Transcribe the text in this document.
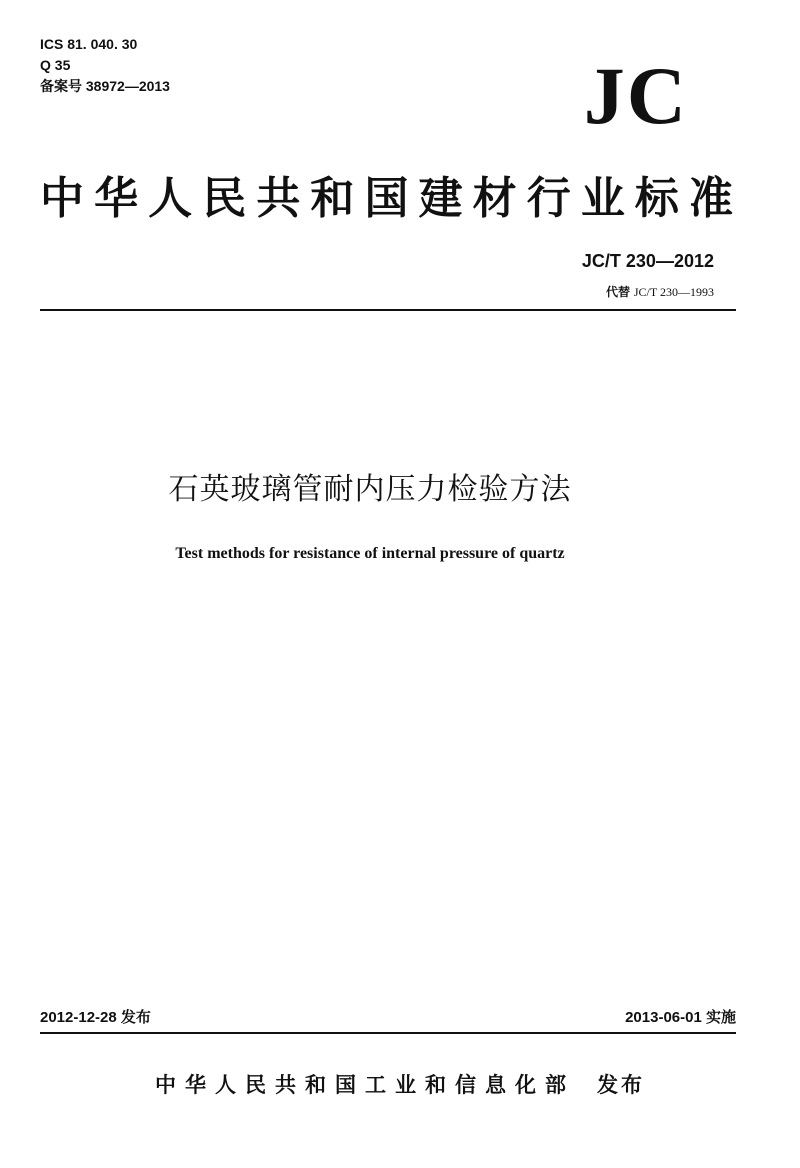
ICS 81. 040. 30
Q 35
备案号 38972—2013	JC
中华人民共和国建材行业标准
JC/T 230—2012
代替 JC/T 230—1993
石英玻璃管耐内压力检验方法
Test methods for resistance of internal pressure of quartz
2012-12-28 发布	2013-06-01 实施
中华人民共和国工业和信息化部 发布
